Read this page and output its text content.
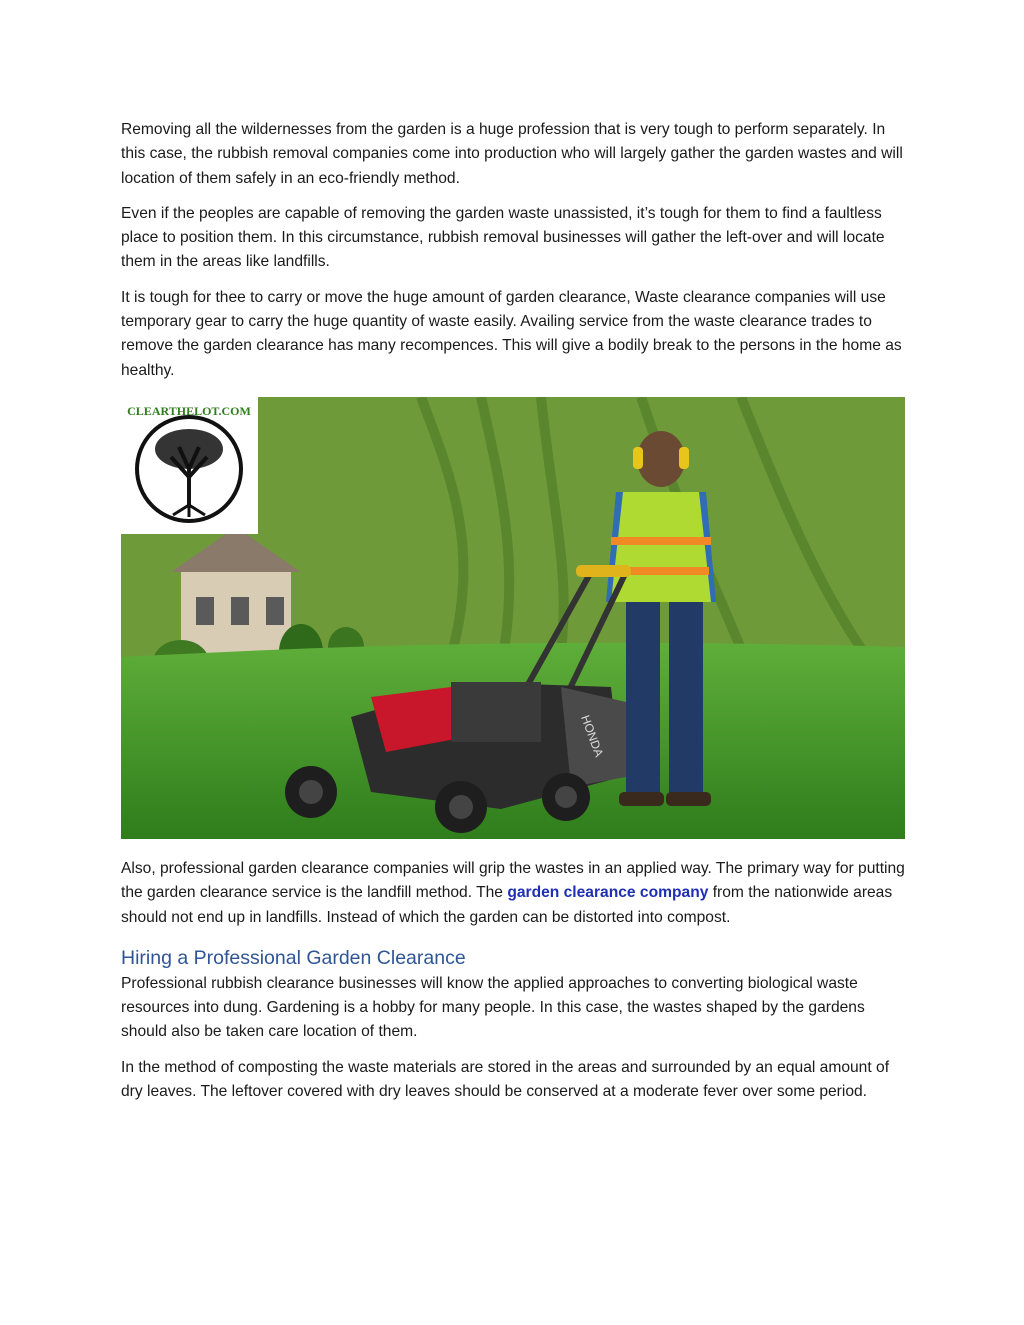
Removing all the wildernesses from the garden is a huge profession that is very tough to perform separately. In this case, the rubbish removal companies come into production who will largely gather the garden wastes and will location of them safely in an eco-friendly method.

Even if the peoples are capable of removing the garden waste unassisted, it’s tough for them to find a faultless place to position them. In this circumstance, rubbish removal businesses will gather the left-over and will locate them in the areas like landfills.

It is tough for thee to carry or move the huge amount of garden clearance, Waste clearance companies will use temporary gear to carry the huge quantity of waste easily. Availing service from the waste clearance trades to remove the garden clearance has many recompences. This will give a bodily break to the persons in the home as healthy.

HONDA
CLEARTHELOT.COM

Also, professional garden clearance companies will grip the wastes in an applied way. The primary way for putting the garden clearance service is the landfill method. The garden clearance company from the nationwide areas should not end up in landfills. Instead of which the garden can be distorted into compost.

Hiring a Professional Garden Clearance

Professional rubbish clearance businesses will know the applied approaches to converting biological waste resources into dung. Gardening is a hobby for many people. In this case, the wastes shaped by the gardens should also be taken care location of them.

In the method of composting the waste materials are stored in the areas and surrounded by an equal amount of dry leaves. The leftover covered with dry leaves should be conserved at a moderate fever over some period.
